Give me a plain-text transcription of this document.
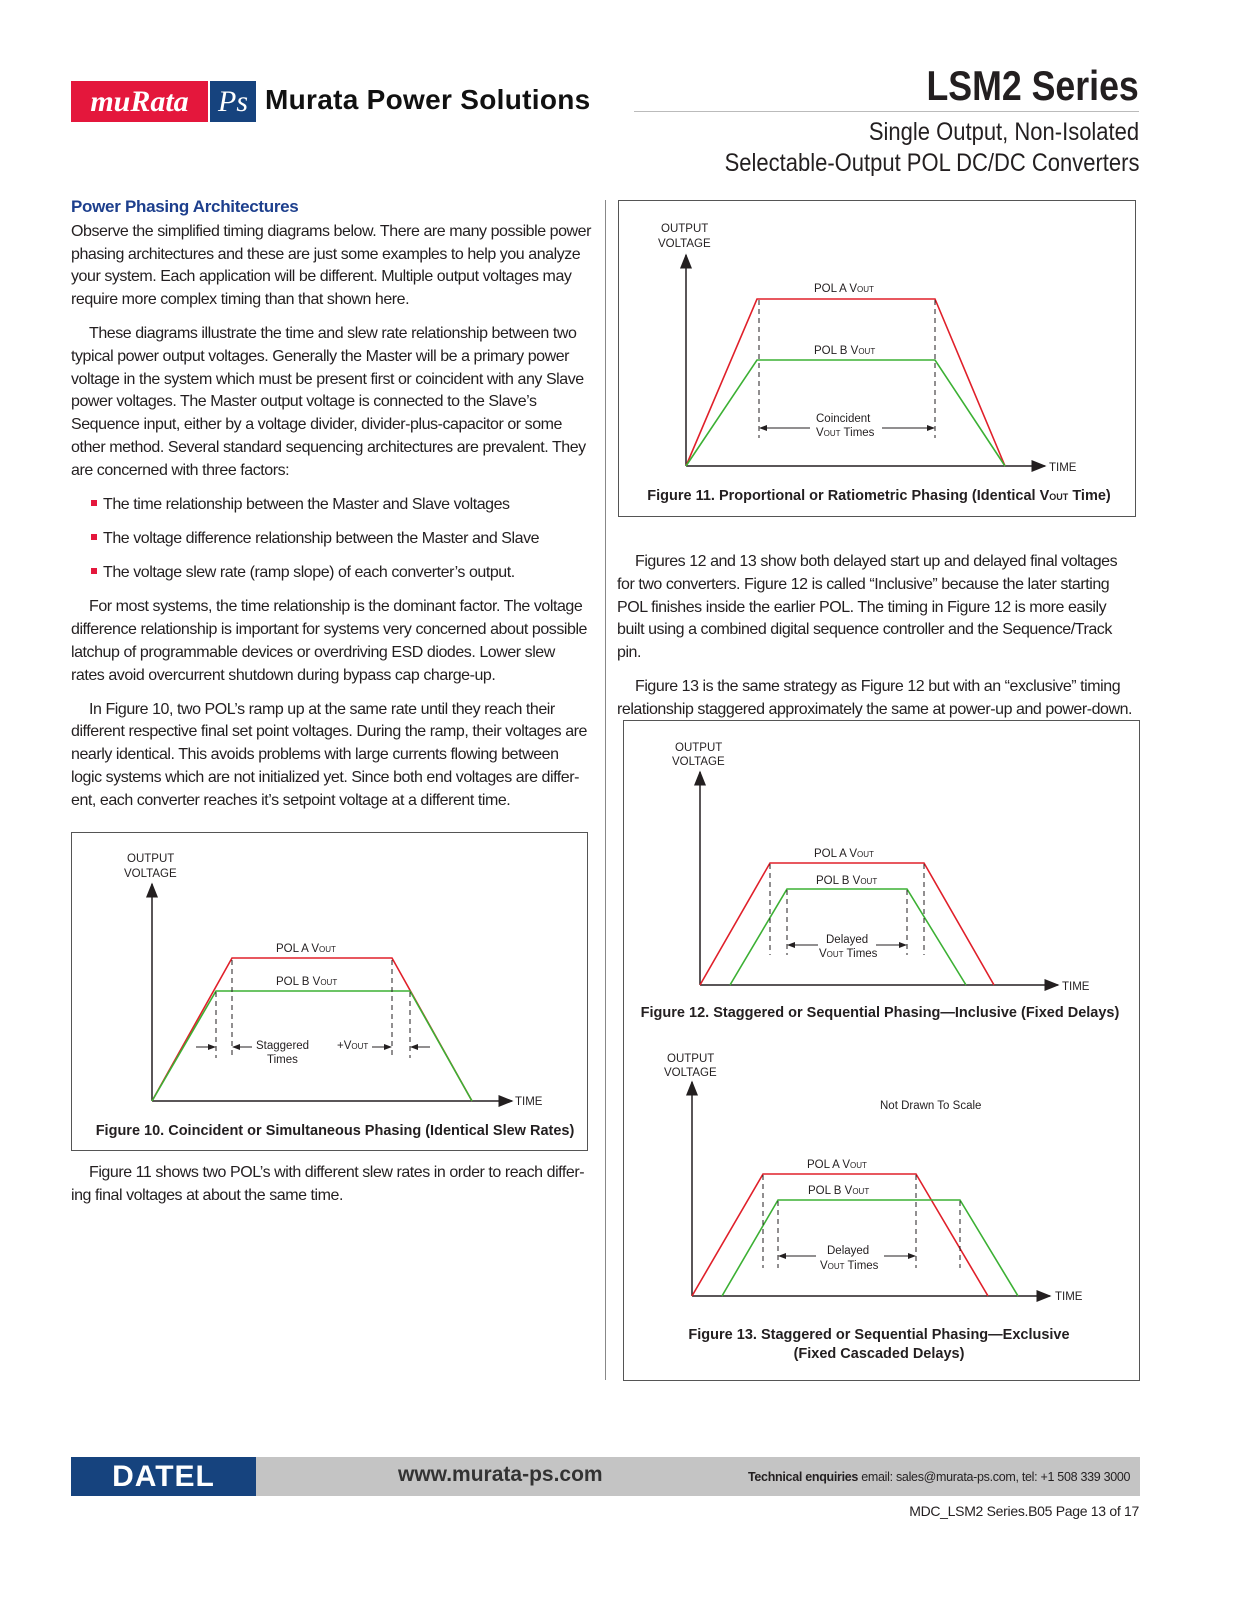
muRata Ps Murata Power Solutions	LSM2 Series
Single Output, Non-Isolated
Selectable-Output POL DC/DC Converters
Power Phasing Architectures

Observe the simplified timing diagrams below. There are many possible power phasing architectures and these are just some examples to help you analyze your system. Each application will be different. Multiple output voltages may require more complex timing than that shown here.

These diagrams illustrate the time and slew rate relationship between two typical power output voltages. Generally the Master will be a primary power voltage in the system which must be present first or coincident with any Slave power voltages. The Master output voltage is connected to the Slave’s Sequence input, either by a voltage divider, divider-plus-capacitor or some other method. Several standard sequencing architectures are prevalent. They are concerned with three factors:

The time relationship between the Master and Slave voltages
The voltage difference relationship between the Master and Slave
The voltage slew rate (ramp slope) of each converter’s output.

For most systems, the time relationship is the dominant factor. The voltage difference relationship is important for systems very concerned about possible latchup of programmable devices or overdriving ESD diodes. Lower slew rates avoid overcurrent shutdown during bypass cap charge-up.

In Figure 10, two POL’s ramp up at the same rate until they reach their different respective final set point voltages. During the ramp, their voltages are nearly identical. This avoids problems with large currents flowing between logic systems which are not initialized yet. Since both end voltages are differ-ent, each converter reaches it’s setpoint voltage at a different time.

Figure 11 shows two POL’s with different slew rates in order to reach differ-ing final voltages at about the same time.

Figures 12 and 13 show both delayed start up and delayed final voltages for two converters. Figure 12 is called “Inclusive” because the later starting POL finishes inside the earlier POL. The timing in Figure 12 is more easily built using a combined digital sequence controller and the Sequence/Track pin.

Figure 13 is the same strategy as Figure 12 but with an “exclusive” timing relationship staggered approximately the same at power-up and power-down.

OUTPUT
VOLTAGE
TIME
POL A VOUT
POL B VOUT
Staggered
Times
+VOUT
Figure 10. Coincident or Simultaneous Phasing (Identical Slew Rates)
OUTPUT
VOLTAGE
TIME
POL A VOUT
POL B VOUT
Coincident
VOUT Times
Figure 11. Proportional or Ratiometric Phasing (Identical VOUT Time)
OUTPUT
VOLTAGE
TIME
POL A VOUT
POL B VOUT
Delayed
VOUT Times
Figure 12. Staggered or Sequential Phasing—Inclusive (Fixed Delays)
OUTPUT
VOLTAGE
Not Drawn To Scale
TIME
POL A VOUT
POL B VOUT
Delayed
VOUT Times
Figure 13. Staggered or Sequential Phasing—Exclusive
(Fixed Cascaded Delays)
DATEL	www.murata-ps.com	Technical enquiries email: sales@murata-ps.com, tel: +1 508 339 3000
MDC_LSM2 Series.B05 Page 13 of 17
